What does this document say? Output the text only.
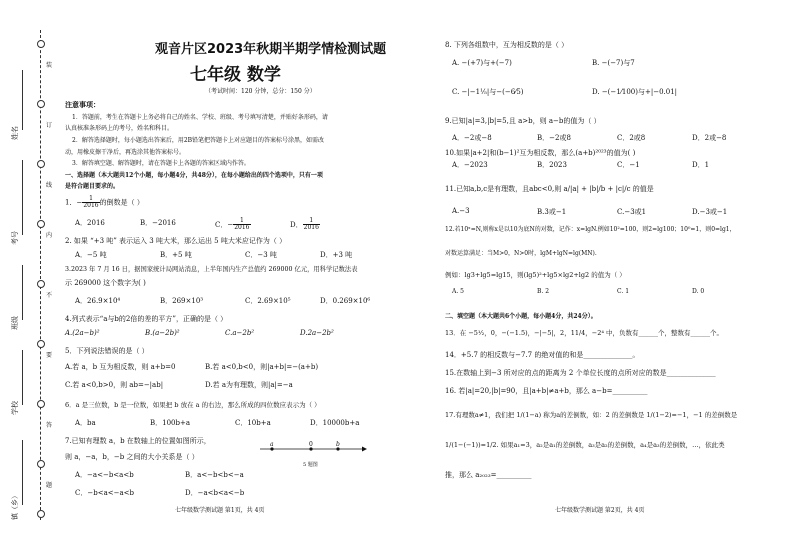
装
订
线
内
不
要
答
题
姓名
考号
班级
学校
镇（乡）
观音片区2023年秋期半期学情检测试题
七年级 数学
（考试时间：120 分钟，总分：150 分）
注意事项：
1．答题前，考生在答题卡上务必将自己的姓名、学校、班级、考号填写清楚，并贴好条形码，请
认真核准条形码上的考号，姓名和科目。
2．解答选择题时，每小题选出答案后，用2B铅笔把答题卡上对应题目的答案标号涂黑，如需改
动，用橡皮擦干净后，再选涂其他答案标号。
3．解答填空题、解答题时，请在答题卡上各题的答案区域内作答。
一、选择题（本大题共12个小题，每小题4分，共48分），在每小题给出的四个选项中，只有一项
是符合题目要求的。
1．− $\frac{1}{2016}$ 的倒数是（ ）
A．2016	B．−2016	C．− $\frac{1}{2016}$	D． $\frac{1}{2016}$
2. 如果 “+3 吨” 表示运入 3 吨大米，那么运出 5 吨大米应记作为（ ）
A．−5 吨	B．+5 吨	C．−3 吨	D．+3 吨
3.2023 年 7 月 16 日，据国家统计局网站消息，上半年国内生产总值约 269000 亿元，用科学记数法表
示 269000 这个数字为( )
A．26.9×10⁴	B．269×10³	C．2.69×10⁵	D．0.269×10⁶
4.列式表示“a与b的2倍的差的平方”，正确的是（ ）
A.(2a−b)²	B.(a−2b)²	C.a−2b²	D.2a−2b²
5．下列说法错误的是（ ）
A.若 a，b 互为相反数，则 a+b=0	B.若 a<0,b<0，则|a+b|=−(a+b)
C.若 a<0,b>0，则 ab=−|ab|	D.若 a为有理数，则|a|=−a
6．a 是三位数，b 是一位数，如果把 b 放在 a 的右边，那么所成的四位数应表示为（ ）
A．ba	B．100b+a	C．10b+a	D．10000b+a
7.已知有理数 a，b 在数轴上的位置如图所示，
则 a，−a，b，−b 之间的大小关系是（ ）
a	0	b
5 题图
A．−a<−b<a<b	B．a<−b<b<−a
C．−b<a<−a<b	D．−a<b<a<−b
七年级数学测试题 第1页，共 4页
8. 下列各组数中，互为相反数的是（ ）
A. −(+7)与+(−7)	B. −(−7)与7
C. −|−1¹⁄₅|与−(−6⁄5)	D. −(−1⁄100)与+|−0.01|
9.已知|a|=3,|b|=5,且 a>b，则 a−b的值为（ ）
A．−2或−8	B．−2或8	C．2或8	D．2或−8
10.如果|a+2|和(b−1)²互为相反数，那么(a+b)²⁰²³的值为( )
A．−2023	B．2023	C．−1	D．1
11.已知a,b,c是有理数，且abc<0,则 a/|a| + |b|/b + |c|/c 的值是
A.−3	B.3或−1	C.−3或1	D.−3或−1
12.若10ˣ=N,则称x是以10为底N的对数，记作：x=lgN.例如10²=100，则2=lg100；10⁰=1，则0=lg1，
对数运算满足：当M>0，N>0时，lgM+lgN=lg(MN).
例如：lg3+lg5=lg15，则(lg5)²+lg5×lg2+lg2 的值为（ ）
A. 5	B. 2	C. 1	D. 0
二、填空题（本大题共6个小题，每小题4分，共24分）。
13．在 −5¹⁄₂，0，−(−1.5)，−|−5|，2，11/4，−2⁴ 中，负数有______个，整数有______个。
14．+5.7 的相反数与−7.7 的绝对值的和是______________。
15.在数轴上到−3 所对应的点的距离为 2 个单位长度的点所对应的数是______________
16. 若|a|=20,|b|=90，且|a+b|≠a+b，那么 a−b=__________
17.有理数a≠1，我们把 1/(1−a) 称为a的差倒数，如：2 的差倒数是 1/(1−2)=−1，−1 的差倒数是
1/(1−(−1))=1/2. 如果a₁=3，a₂是a₁的差倒数，a₃是a₂的差倒数，a₄是a₃的差倒数，…，依此类
推，那么 a₂₀₂₃=__________
七年级数学测试题 第2页，共 4页
